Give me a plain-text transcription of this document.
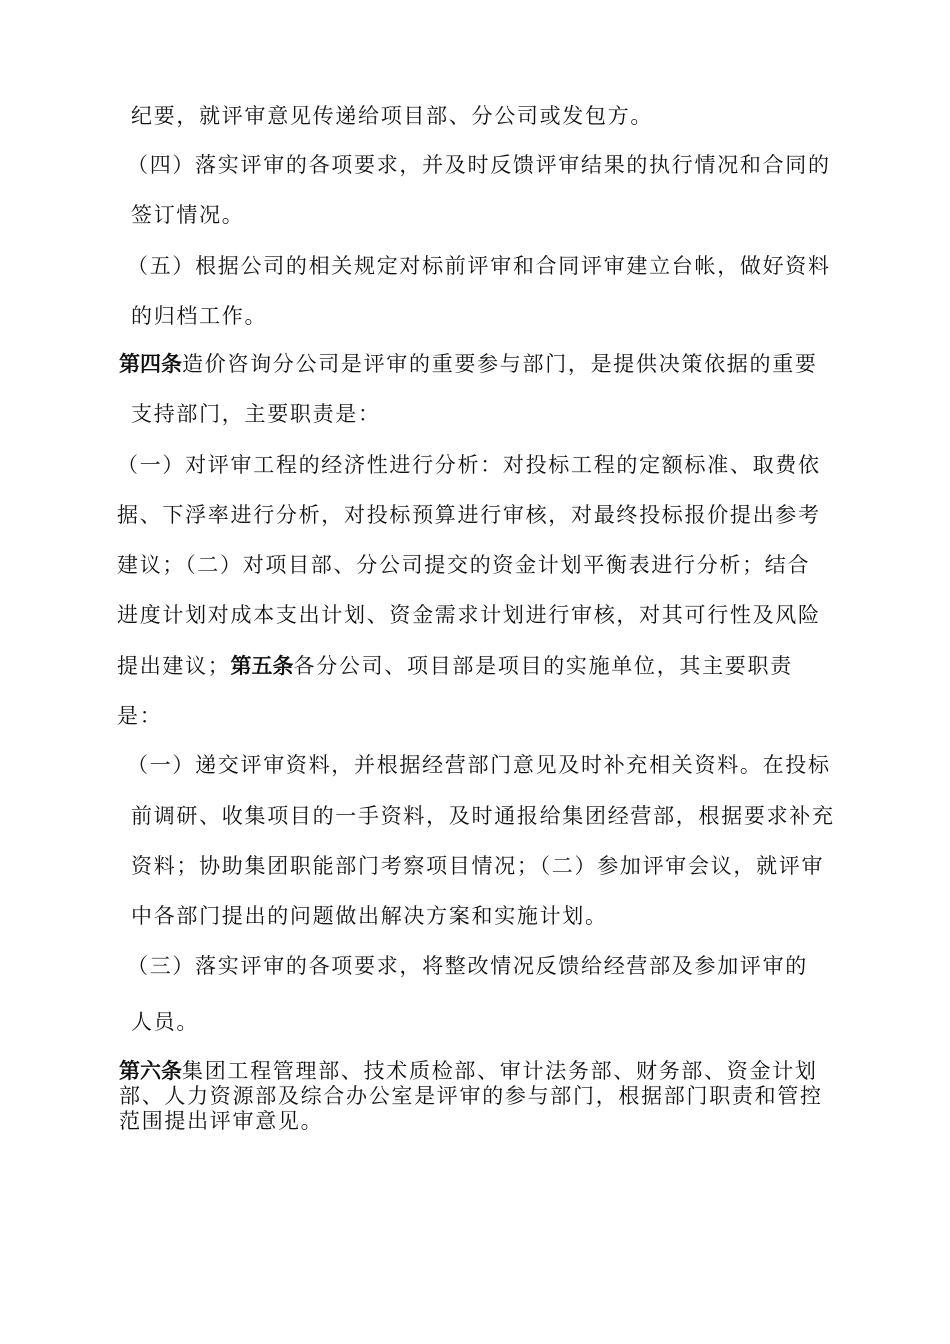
纪要，就评审意见传递给项目部、分公司或发包方。

（四）落实评审的各项要求，并及时反馈评审结果的执行情况和合同的

签订情况。

（五）根据公司的相关规定对标前评审和合同评审建立台帐，做好资料

的归档工作。

第四条造价咨询分公司是评审的重要参与部门，是提供决策依据的重要

支持部门，主要职责是：

（一）对评审工程的经济性进行分析：对投标工程的定额标准、取费依

据、下浮率进行分析，对投标预算进行审核，对最终投标报价提出参考

建议；（二）对项目部、分公司提交的资金计划平衡表进行分析；结合

进度计划对成本支出计划、资金需求计划进行审核，对其可行性及风险

提出建议；第五条各分公司、项目部是项目的实施单位，其主要职责

是：

（一）递交评审资料，并根据经营部门意见及时补充相关资料。在投标

前调研、收集项目的一手资料，及时通报给集团经营部，根据要求补充

资料；协助集团职能部门考察项目情况；（二）参加评审会议，就评审

中各部门提出的问题做出解决方案和实施计划。

（三）落实评审的各项要求，将整改情况反馈给经营部及参加评审的

人员。

第六条集团工程管理部、技术质检部、审计法务部、财务部、资金计划

部、人力资源部及综合办公室是评审的参与部门，根据部门职责和管控

范围提出评审意见。
